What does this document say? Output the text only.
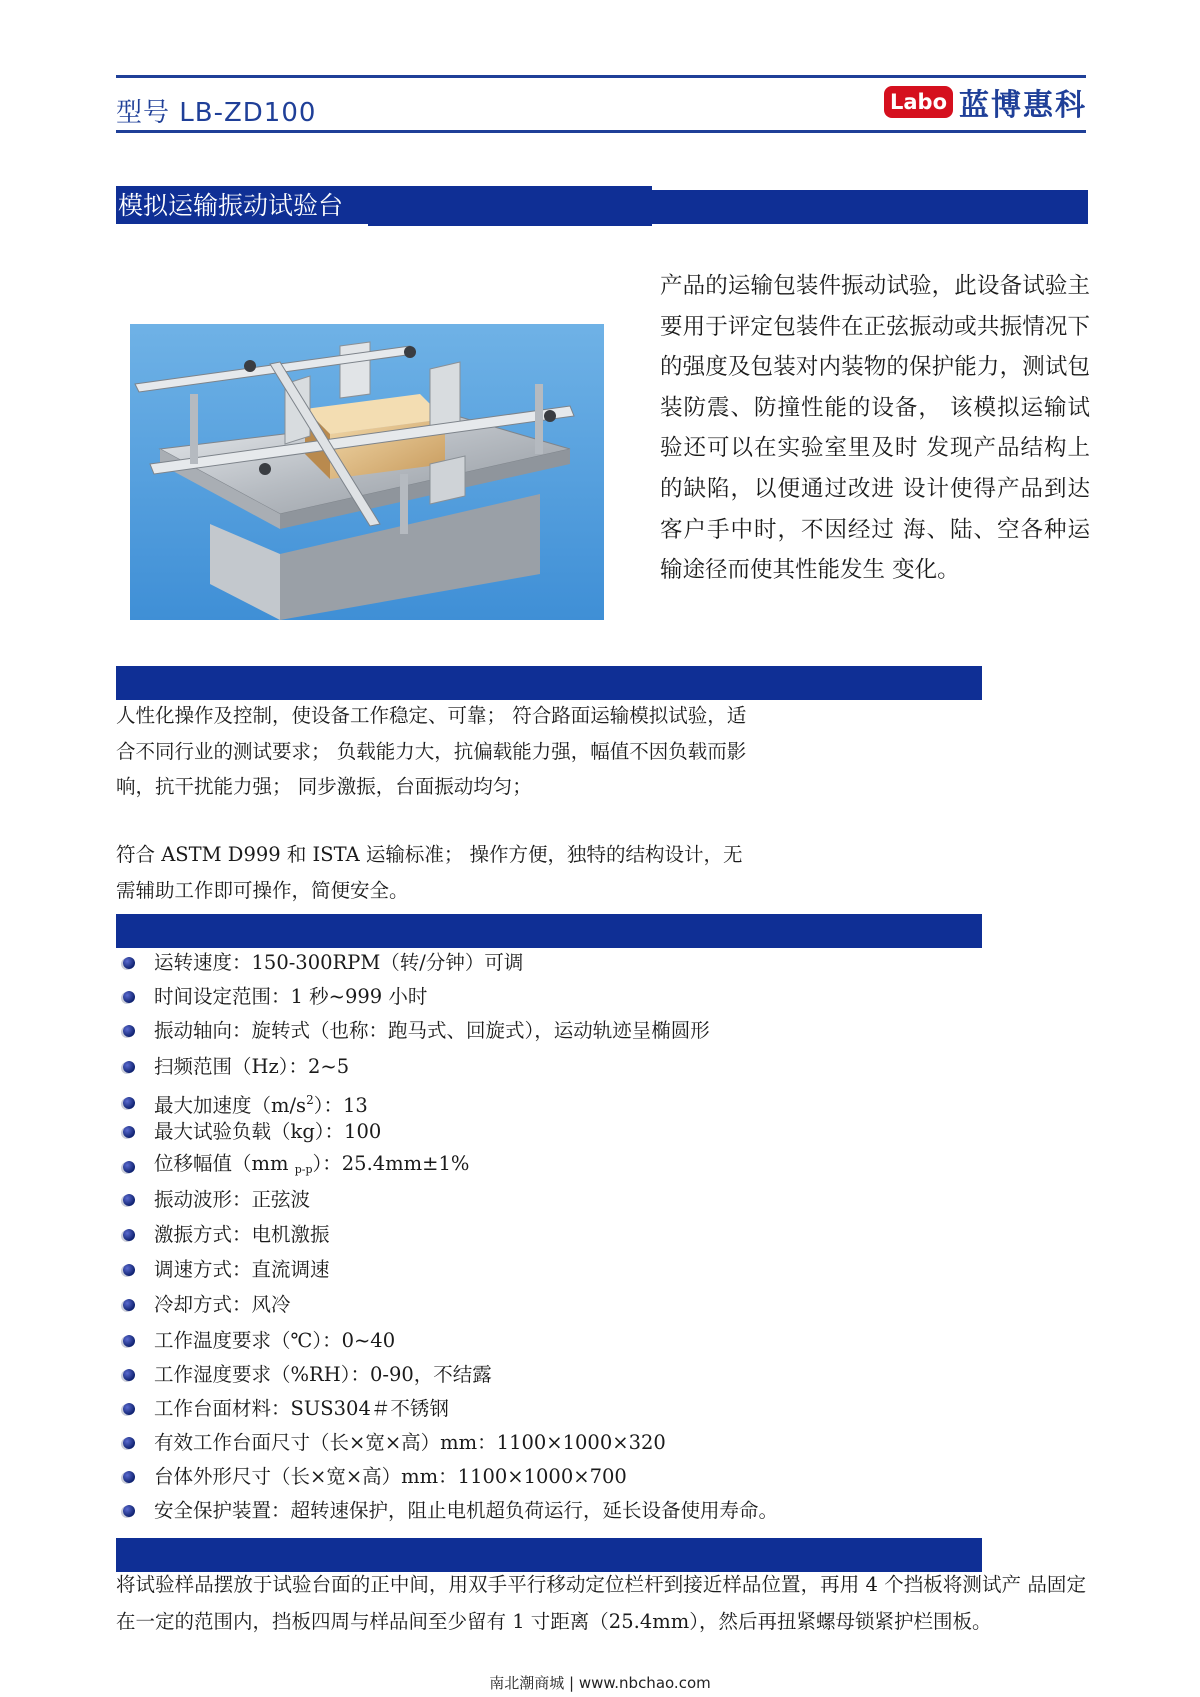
型号 LB-ZD100	Labo 蓝博惠科
模拟运输振动试验台
产品的运输包装件振动试验，此设备试验主要用于评定包装件在正弦振动或共振情况下的强度及包装对内装物的保护能力，测试包装防震、防撞性能的设备， 该模拟运输试验还可以在实验室里及时 发现产品结构上的缺陷，以便通过改进 设计使得产品到达客户手中时，不因经过 海、陆、空各种运输途径而使其性能发生 变化。
人性化操作及控制，使设备工作稳定、可靠； 符合路面运输模拟试验，适合不同行业的测试要求； 负载能力大，抗偏载能力强，幅值不因负载而影响，抗干扰能力强； 同步激振，台面振动均匀；
符合 ASTM D999 和 ISTA 运输标准； 操作方便，独特的结构设计，无需辅助工作即可操作，简便安全。
运转速度：150-300RPM（转/分钟）可调
时间设定范围：1 秒~999 小时
振动轴向：旋转式（也称：跑马式、回旋式），运动轨迹呈椭圆形
扫频范围（Hz）：2~5
最大加速度$(m/s^2)$：13
最大试验负载（kg）：100
位移幅值（mm $_{p-p}$）：25.4mm±1%
振动波形：正弦波
激振方式：电机激振
调速方式：直流调速
冷却方式：风冷
工作温度要求（℃）：0~40
工作湿度要求（%RH）：0-90，不结露
工作台面材料：SUS304＃不锈钢
有效工作台面尺寸（长×宽×高）mm：1100×1000×320
台体外形尺寸（长×宽×高）mm：1100×1000×700
安全保护装置：超转速保护，阻止电机超负荷运行，延长设备使用寿命。
将试验样品摆放于试验台面的正中间，用双手平行移动定位栏杆到接近样品位置，再用 4 个挡板将测试产 品固定在一定的范围内，挡板四周与样品间至少留有 1 寸距离（25.4mm），然后再扭紧螺母锁紧护栏围板。
南北潮商城 | www.nbchao.com
